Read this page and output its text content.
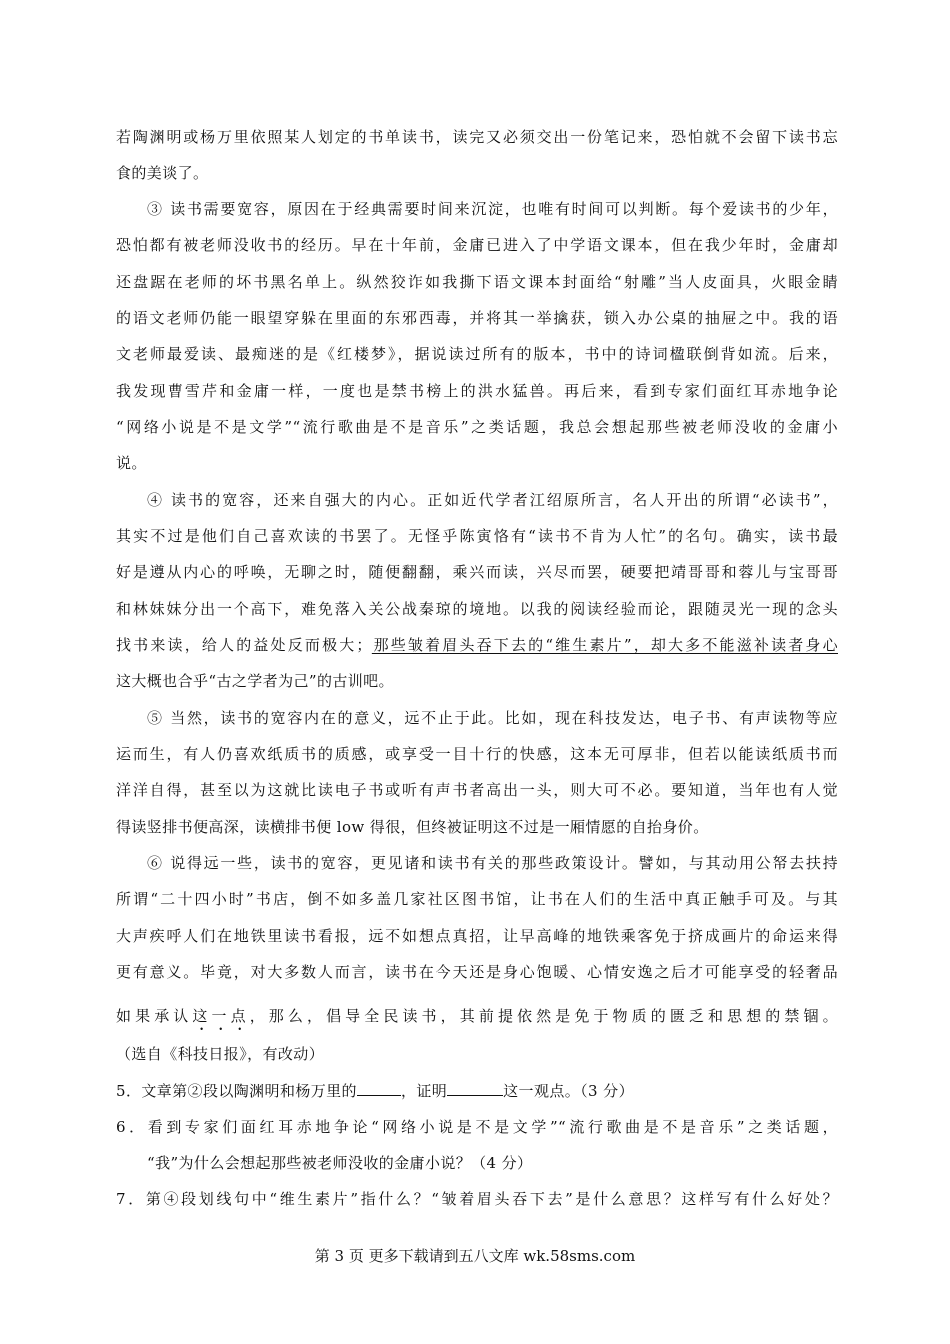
若陶渊明或杨万里依照某人划定的书单读书，读完又必须交出一份笔记来，恐怕就不会留下读书忘
食的美谈了。
③ 读书需要宽容，原因在于经典需要时间来沉淀，也唯有时间可以判断。每个爱读书的少年，
恐怕都有被老师没收书的经历。早在十年前，金庸已进入了中学语文课本，但在我少年时，金庸却
还盘踞在老师的坏书黑名单上。纵然狡诈如我撕下语文课本封面给“射雕”当人皮面具，火眼金睛
的语文老师仍能一眼望穿躲在里面的东邪西毒，并将其一举擒获，锁入办公桌的抽屉之中。我的语
文老师最爱读、最痴迷的是《红楼梦》，据说读过所有的版本，书中的诗词楹联倒背如流。后来，
我发现曹雪芹和金庸一样，一度也是禁书榜上的洪水猛兽。再后来，看到专家们面红耳赤地争论
“网络小说是不是文学”“流行歌曲是不是音乐”之类话题，我总会想起那些被老师没收的金庸小
说。
④ 读书的宽容，还来自强大的内心。正如近代学者江绍原所言，名人开出的所谓“必读书”，
其实不过是他们自己喜欢读的书罢了。无怪乎陈寅恪有“读书不肯为人忙”的名句。确实，读书最
好是遵从内心的呼唤，无聊之时，随便翻翻，乘兴而读，兴尽而罢，硬要把靖哥哥和蓉儿与宝哥哥
和林妹妹分出一个高下，难免落入关公战秦琼的境地。以我的阅读经验而论，跟随灵光一现的念头
找书来读，给人的益处反而极大；那些皱着眉头吞下去的“维生素片”，却大多不能滋补读者身心
这大概也合乎“古之学者为己”的古训吧。
⑤ 当然，读书的宽容内在的意义，远不止于此。比如，现在科技发达，电子书、有声读物等应
运而生，有人仍喜欢纸质书的质感，或享受一目十行的快感，这本无可厚非，但若以能读纸质书而
洋洋自得，甚至以为这就比读电子书或听有声书者高出一头，则大可不必。要知道，当年也有人觉
得读竖排书便高深，读横排书便 low 得很，但终被证明这不过是一厢情愿的自抬身价。
⑥ 说得远一些，读书的宽容，更见诸和读书有关的那些政策设计。譬如，与其动用公帑去扶持
所谓“二十四小时”书店，倒不如多盖几家社区图书馆，让书在人们的生活中真正触手可及。与其
大声疾呼人们在地铁里读书看报，远不如想点真招，让早高峰的地铁乘客免于挤成画片的命运来得
更有意义。毕竟，对大多数人而言，读书在今天还是身心饱暖、心情安逸之后才可能享受的轻奢品
如果承认这一点，那么，倡导全民读书，其前提依然是免于物质的匮乏和思想的禁锢。
（选自《科技日报》，有改动）
5．文章第②段以陶渊明和杨万里的	，证明	这一观点。（3 分）
6．看到专家们面红耳赤地争论“网络小说是不是文学”“流行歌曲是不是音乐”之类话题，
“我”为什么会想起那些被老师没收的金庸小说？（4 分）
7．第④段划线句中“维生素片”指什么？“皱着眉头吞下去”是什么意思？这样写有什么好处？
第 3 页 更多下载请到五八文库 wk.58sms.com
